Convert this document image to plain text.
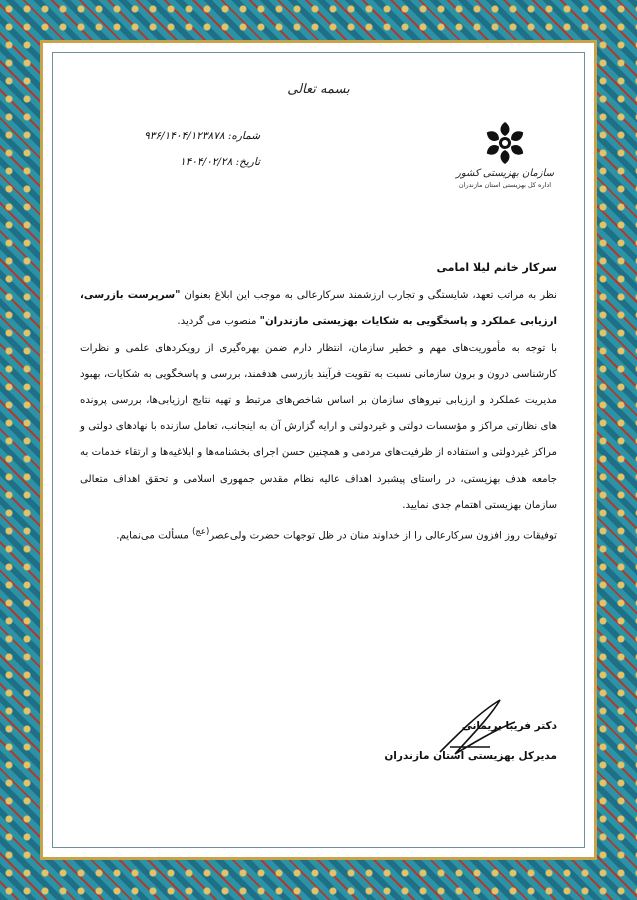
بسمه تعالی
سازمان بهزیستی کشور
اداره کل بهزیستی استان مازندران
شماره: ۹۳۶/۱۴۰۴/۱۲۳۸۷۸
تاریخ: ۱۴۰۴/۰۲/۲۸
سرکار خانم لیلا امامی

نظر به مراتب تعهد، شایستگی و تجارب ارزشمند سرکارعالی به موجب این ابلاغ بعنوان "سرپرست بازرسی، ارزیابی عملکرد و پاسخگویی به شکایات بهزیستی مازندران" منصوب می گردید.

با توجه به مأموریت‌های مهم و خطیر سازمان، انتظار دارم ضمن بهره‌گیری از رویکردهای علمی و نظرات کارشناسی درون و برون سازمانی نسبت به تقویت فرآیند بازرسی هدفمند، بررسی و پاسخگویی به شکایات، بهبود مدیریت عملکرد و ارزیابی نیروهای سازمان بر اساس شاخص‌های مرتبط و تهیه نتایج ارزیابی‌ها، بررسی پرونده های نظارتی مراکز و مؤسسات دولتی و غیردولتی و ارایه گزارش آن به اینجانب، تعامل سازنده با نهادهای دولتی و مراکز غیردولتی و استفاده از ظرفیت‌های مردمی و همچنین حسن اجرای بخشنامه‌ها و ابلاغیه‌ها و ارتقاء خدمات به جامعه هدف بهزیستی، در راستای پیشبرد اهداف عالیه نظام مقدس جمهوری اسلامی و تحقق اهداف متعالی سازمان بهزیستی اهتمام جدی نمایید.

توفیقات روز افزون سرکارعالی را از خداوند منان در ظل توجهات حضرت ولی‌عصر$^{(عج)}$ مسألت می‌نمایم.

دکتر فریبا بریمانی
مدیرکل بهزیستی استان مازندران
